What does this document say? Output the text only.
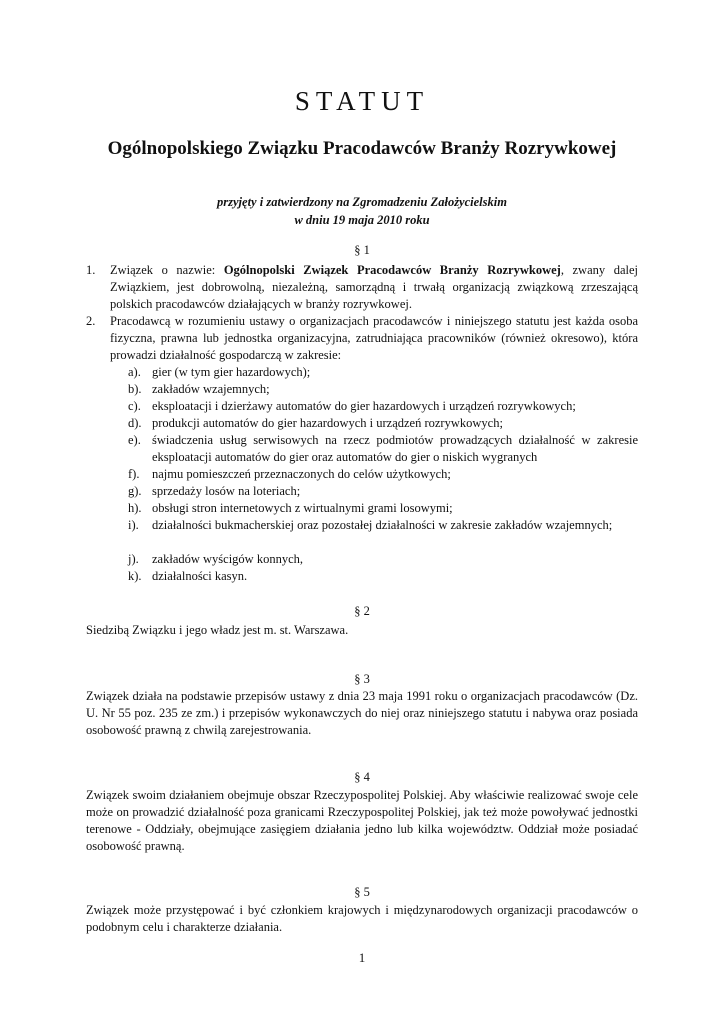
STATUT
Ogólnopolskiego Związku Pracodawców Branży Rozrywkowej
przyjęty i zatwierdzony na Zgromadzeniu Założycielskim
w dniu 19 maja 2010 roku
§ 1
1. Związek o nazwie: Ogólnopolski Związek Pracodawców Branży Rozrywkowej, zwany dalej Związkiem, jest dobrowolną, niezależną, samorządną i trwałą organizacją związkową zrzeszającą polskich pracodawców działających w branży rozrywkowej.
2. Pracodawcą w rozumieniu ustawy o organizacjach pracodawców i niniejszego statutu jest każda osoba fizyczna, prawna lub jednostka organizacyjna, zatrudniająca pracowników (również okresowo), która prowadzi działalność gospodarczą w zakresie:
a). gier (w tym gier hazardowych);
b). zakładów wzajemnych;
c). eksploatacji i dzierżawy automatów do gier hazardowych i urządzeń rozrywkowych;
d). produkcji automatów do gier hazardowych i urządzeń rozrywkowych;
e). świadczenia usług serwisowych na rzecz podmiotów prowadzących działalność w zakresie eksploatacji automatów do gier oraz automatów do gier o niskich wygranych
f). najmu pomieszczeń przeznaczonych do celów użytkowych;
g). sprzedaży losów na loteriach;
h). obsługi stron internetowych z wirtualnymi grami losowymi;
i). działalności bukmacherskiej oraz pozostałej działalności w zakresie zakładów wzajemnych;
j). zakładów wyścigów konnych,
k). działalności kasyn.
§ 2
Siedzibą Związku i jego władz jest m. st. Warszawa.
§ 3
Związek działa na podstawie przepisów ustawy z dnia 23 maja 1991 roku o organizacjach pracodawców (Dz. U. Nr 55 poz. 235 ze zm.) i przepisów wykonawczych do niej oraz niniejszego statutu i nabywa oraz posiada osobowość prawną z chwilą zarejestrowania.
§ 4
Związek swoim działaniem obejmuje obszar Rzeczypospolitej Polskiej. Aby właściwie realizować swoje cele może on prowadzić działalność poza granicami Rzeczypospolitej Polskiej, jak też może powoływać jednostki terenowe - Oddziały, obejmujące zasięgiem działania jedno lub kilka województw. Oddział może posiadać osobowość prawną.
§ 5
Związek może przystępować i być członkiem krajowych i międzynarodowych organizacji pracodawców o podobnym celu i charakterze działania.
1
